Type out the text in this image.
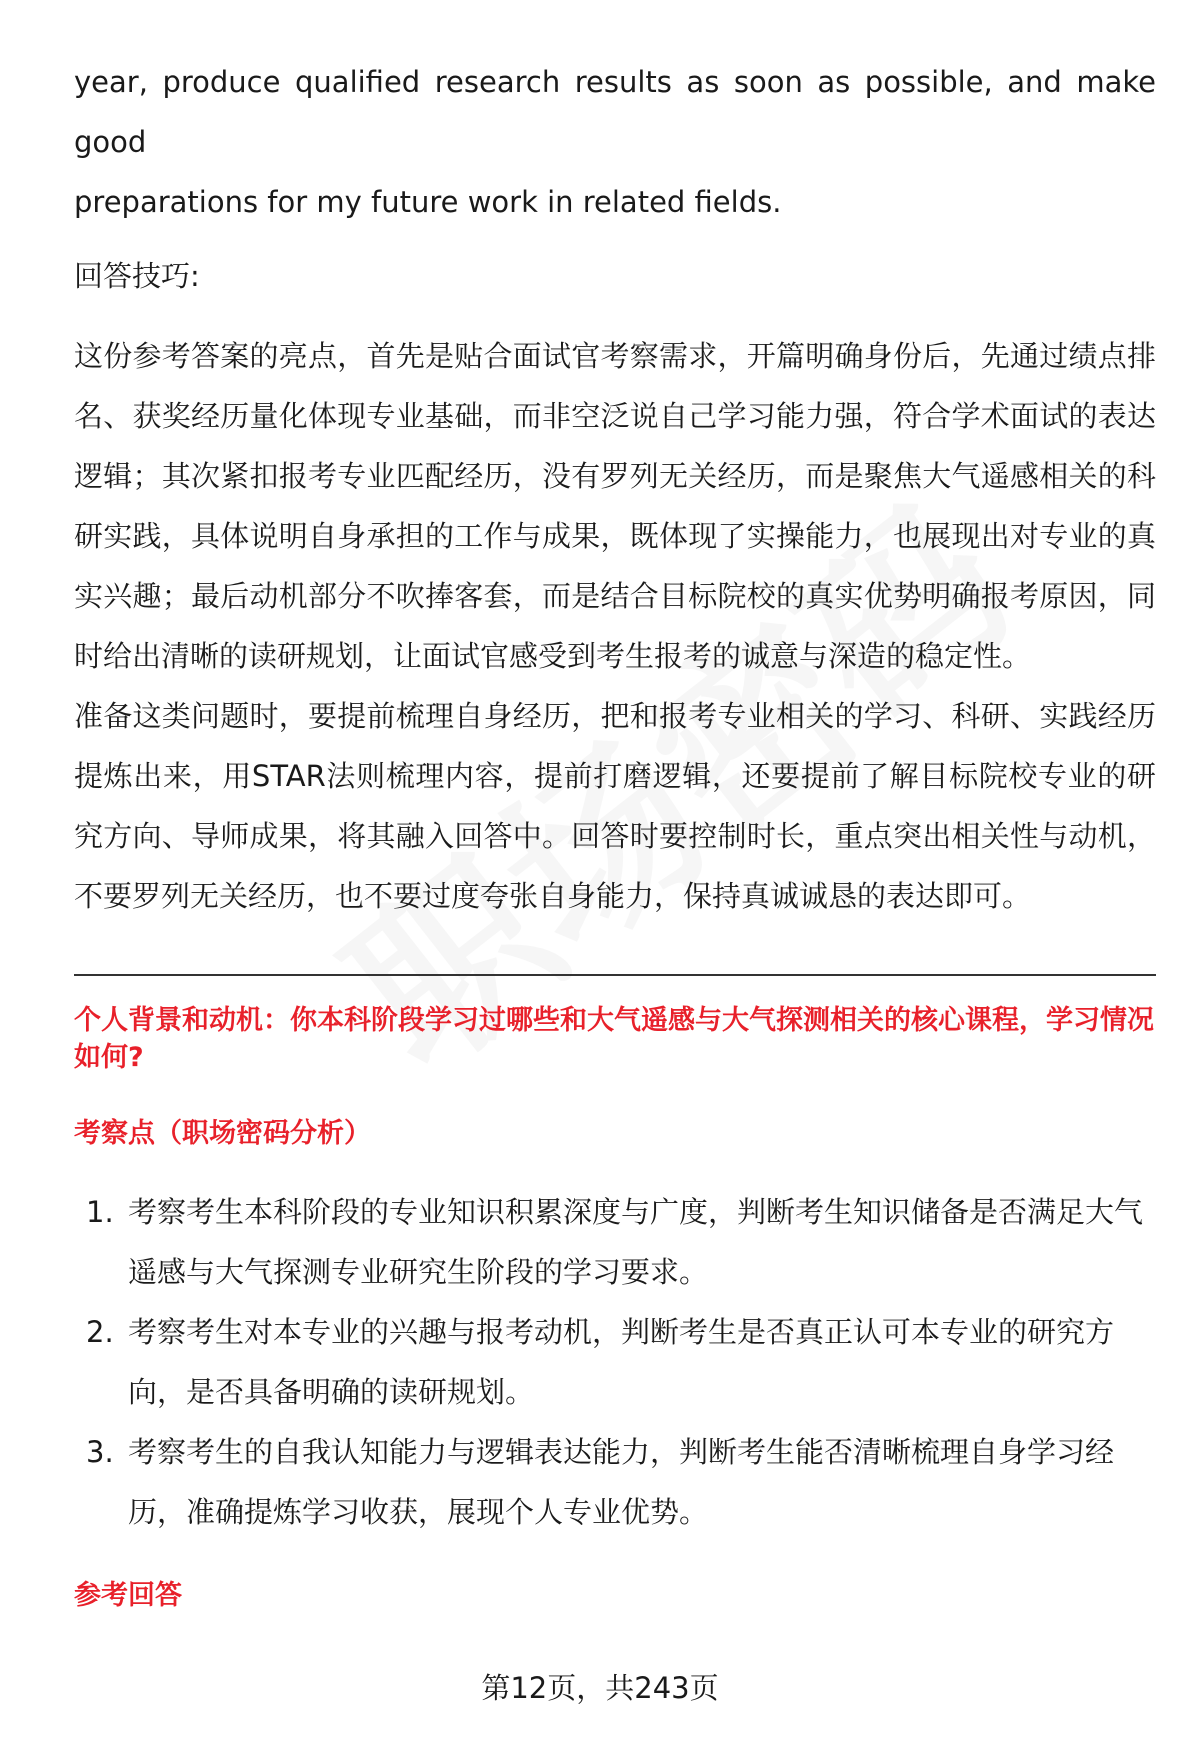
year, produce qualified research results as soon as possible, and make good

preparations for my future work in related fields.

回答技巧:

这份参考答案的亮点，首先是贴合面试官考察需求，开篇明确身份后，先通过绩点排名、获奖经历量化体现专业基础，而非空泛说自己学习能力强，符合学术面试的表达逻辑；其次紧扣报考专业匹配经历，没有罗列无关经历，而是聚焦大气遥感相关的科研实践，具体说明自身承担的工作与成果，既体现了实操能力，也展现出对专业的真实兴趣；最后动机部分不吹捧客套，而是结合目标院校的真实优势明确报考原因，同时给出清晰的读研规划，让面试官感受到考生报考的诚意与深造的稳定性。

准备这类问题时，要提前梳理自身经历，把和报考专业相关的学习、科研、实践经历提炼出来，用STAR法则梳理内容，提前打磨逻辑，还要提前了解目标院校专业的研究方向、导师成果，将其融入回答中。回答时要控制时长，重点突出相关性与动机，不要罗列无关经历，也不要过度夸张自身能力，保持真诚诚恳的表达即可。

个人背景和动机：你本科阶段学习过哪些和大气遥感与大气探测相关的核心课程，学习情况如何?
考察点（职场密码分析）
1. 考察考生本科阶段的专业知识积累深度与广度，判断考生知识储备是否满足大气遥感与大气探测专业研究生阶段的学习要求。
2. 考察考生对本专业的兴趣与报考动机，判断考生是否真正认可本专业的研究方向，是否具备明确的读研规划。
3. 考察考生的自我认知能力与逻辑表达能力，判断考生能否清晰梳理自身学习经历，准确提炼学习收获，展现个人专业优势。
参考回答
第12页，共243页
